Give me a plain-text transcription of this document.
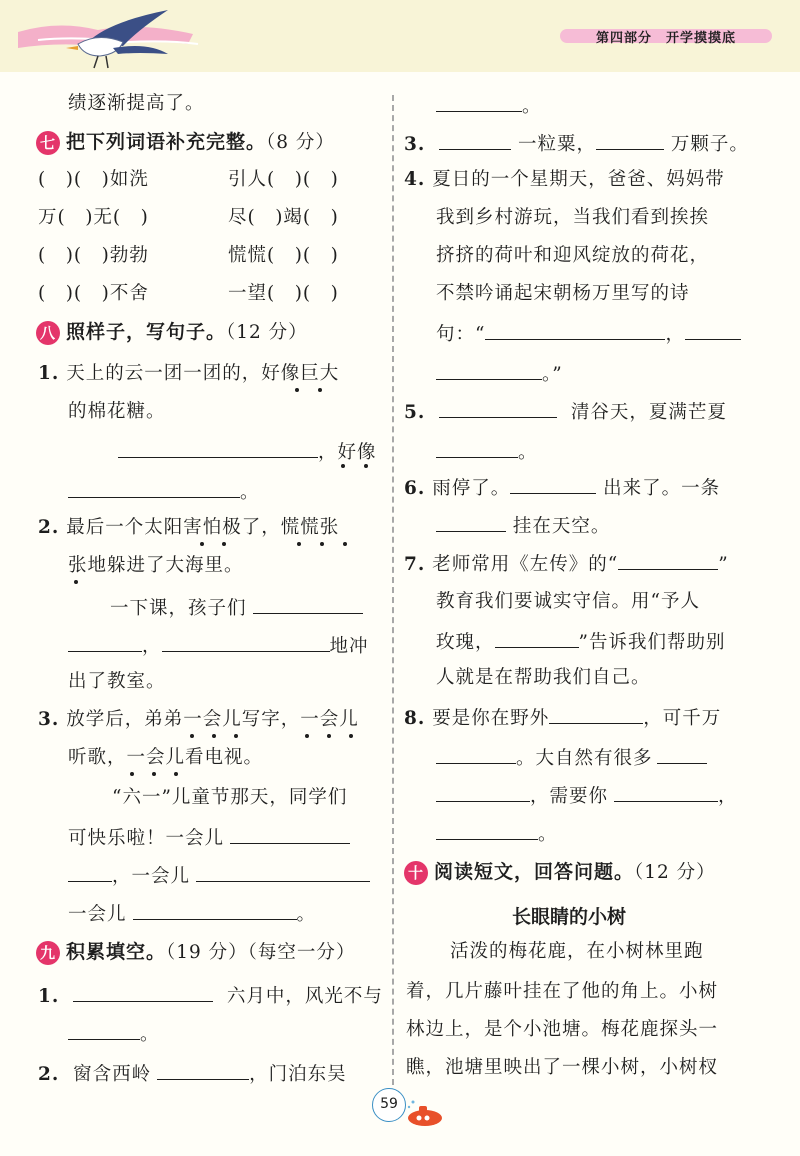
第四部分　开学摸摸底
绩逐渐提高了。
七 把下列词语补充完整。（8 分）
(　)(　)如洗	引人(　)(　)
万(　)无(　)	尽(　)竭(　)
(　)(　)勃勃	慌慌(　)(　)
(　)(　)不舍	一望(　)(　)
八 照样子，写句子。（12 分）
1. 天上的云一团一团的，好像巨大
的棉花糖。
，好像
。
2. 最后一个太阳害怕极了，慌慌张
张地躲进了大海里。
一下课，孩子们
，	地冲
出了教室。
3. 放学后，弟弟一会儿写字，一会儿
听歌，一会儿看电视。
“六一”儿童节那天，同学们
可快乐啦！一会儿
，一会儿
一会儿	。
九 积累填空。（19 分）（每空一分）
1.	六月中，风光不与
。
2. 窗含西岭	，门泊东吴
。
3.	一粒粟，	万颗子。
4. 夏日的一个星期天，爸爸、妈妈带
我到乡村游玩，当我们看到挨挨
挤挤的荷叶和迎风绽放的荷花，
不禁吟诵起宋朝杨万里写的诗
句：“	，
。”
5.	清谷天，夏满芒夏
。
6. 雨停了。	出来了。一条
挂在天空。
7. 老师常用《左传》的“	”
教育我们要诚实守信。用“予人
玫瑰，	”告诉我们帮助别
人就是在帮助我们自己。
8. 要是你在野外	，可千万
。大自然有很多
，需要你	，
。
十 阅读短文，回答问题。（12 分）
长眼睛的小树
活泼的梅花鹿，在小树林里跑
着，几片藤叶挂在了他的角上。小树
林边上，是个小池塘。梅花鹿探头一
瞧，池塘里映出了一棵小树，小树杈
59
